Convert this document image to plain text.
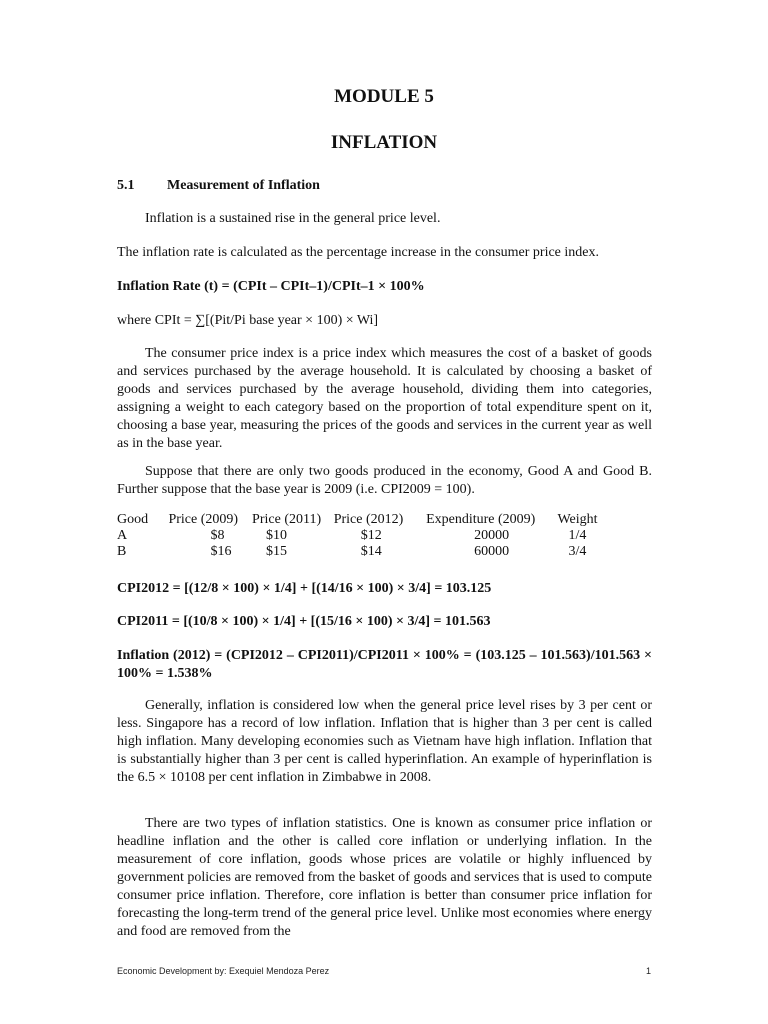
MODULE 5
INFLATION
5.1 Measurement of Inflation

Inflation is a sustained rise in the general price level.

The inflation rate is calculated as the percentage increase in the consumer price index.

Inflation Rate (t) = (CPIt – CPIt–1)/CPIt–1 × 100%

where CPIt = ∑[(Pit/Pi base year × 100) × Wi]

The consumer price index is a price index which measures the cost of a basket of goods and services purchased by the average household. It is calculated by choosing a basket of goods and services purchased by the average household, dividing them into categories, assigning a weight to each category based on the proportion of total expenditure spent on it, choosing a base year, measuring the prices of the goods and services in the current year as well as in the base year.

Suppose that there are only two goods produced in the economy, Good A and Good B. Further suppose that the base year is 2009 (i.e. CPI2009 = 100).

Good	Price (2009)	Price (2011)	Price (2012)	Expenditure (2009)	Weight
A	$8	$10	$12	20000	1/4
B	$16	$15	$14	60000	3/4

CPI2012 = [(12/8 × 100) × 1/4] + [(14/16 × 100) × 3/4] = 103.125

CPI2011 = [(10/8 × 100) × 1/4] + [(15/16 × 100) × 3/4] = 101.563

Inflation (2012) = (CPI2012 – CPI2011)/CPI2011 × 100% = (103.125 – 101.563)/101.563 × 100% = 1.538%

Generally, inflation is considered low when the general price level rises by 3 per cent or less. Singapore has a record of low inflation. Inflation that is higher than 3 per cent is called high inflation. Many developing economies such as Vietnam have high inflation. Inflation that is substantially higher than 3 per cent is called hyperinflation. An example of hyperinflation is the 6.5 × 10108 per cent inflation in Zimbabwe in 2008.

There are two types of inflation statistics. One is known as consumer price inflation or headline inflation and the other is called core inflation or underlying inflation. In the measurement of core inflation, goods whose prices are volatile or highly influenced by government policies are removed from the basket of goods and services that is used to compute consumer price inflation. Therefore, core inflation is better than consumer price inflation for forecasting the long-term trend of the general price level. Unlike most economies where energy and food are removed from the

Economic Development by: Exequiel Mendoza Perez	1
